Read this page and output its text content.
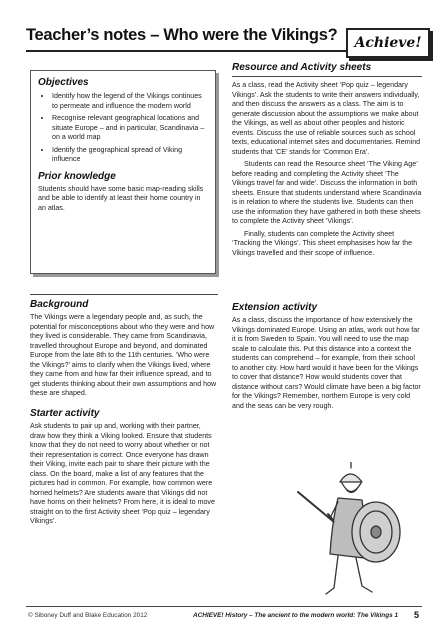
Teacher’s notes – Who were the Vikings?	Achieve!
Objectives
• Identify how the legend of the Vikings continues to permeate and influence the modern world
• Recognise relevant geographical locations and situate Europe – and in particular, Scandinavia – on a world map
• Identify the geographical spread of Viking influence
Prior knowledge

Students should have some basic map-reading skills and be able to identify at least their home country in an atlas.

Background

The Vikings were a legendary people and, as such, the potential for misconceptions about who they were and how they lived is considerable. They came from Scandinavia, travelled throughout Europe and beyond, and dominated Europe from the late 8th to the 11th centuries. ‘Who were the Vikings?’ aims to clarify when the Vikings lived, where they came from and how far their influence spread, and to get students thinking about their own assumptions and how these are shaped.

Starter activity

Ask students to pair up and, working with their partner, draw how they think a Viking looked. Ensure that students know that they do not need to worry about whether or not their representation is correct. Once everyone has drawn their Viking, invite each pair to share their picture with the class. On the board, make a list of any features that the pictures had in common. For example, how common were horned helmets? Are students aware that Vikings did not have horns on their helmets? From here, it is ideal to move straight on to the first Activity sheet ‘Pop quiz – legendary Vikings’.

Resource and Activity sheets

As a class, read the Activity sheet ‘Pop quiz – legendary Vikings’. Ask the students to write their answers individually, and then discuss the answers as a class. The aim is to generate discussion about the assumptions we make about the Vikings, as well as about other peoples and historic events. Discuss the use of reliable sources such as school texts, educational internet sites and documentaries. Remind students that ‘CE’ stands for ‘Common Era’.

Students can read the Resource sheet ‘The Viking Age’ before reading and completing the Activity sheet ‘The Vikings travel far and wide’. Discuss the information in both sheets. Ensure that students understand where Scandinavia is in relation to where the students live. Students can then use the information they have gathered in both these sheets to complete the Activity sheet ‘Vikings’.

Finally, students can complete the Activity sheet ‘Tracking the Vikings’. This sheet emphasises how far the Vikings travelled and their scope of influence.

Extension activity

As a class, discuss the importance of how extensively the Vikings dominated Europe. Using an atlas, work out how far it is from Sweden to Spain. You will need to use the map scale to calculate this. Put this distance into a context the students can comprehend – for example, from their school to another city. How hard would it have been for the Vikings to cover that distance? How would students cover that distance without cars? Would climate have been a big factor for the Vikings? Remember, northern Europe is very cold and the seas can be very rough.

© Siboney Duff and Blake Education 2012	ACHIEVE! History – The ancient to the modern world: The Vikings 1 5
